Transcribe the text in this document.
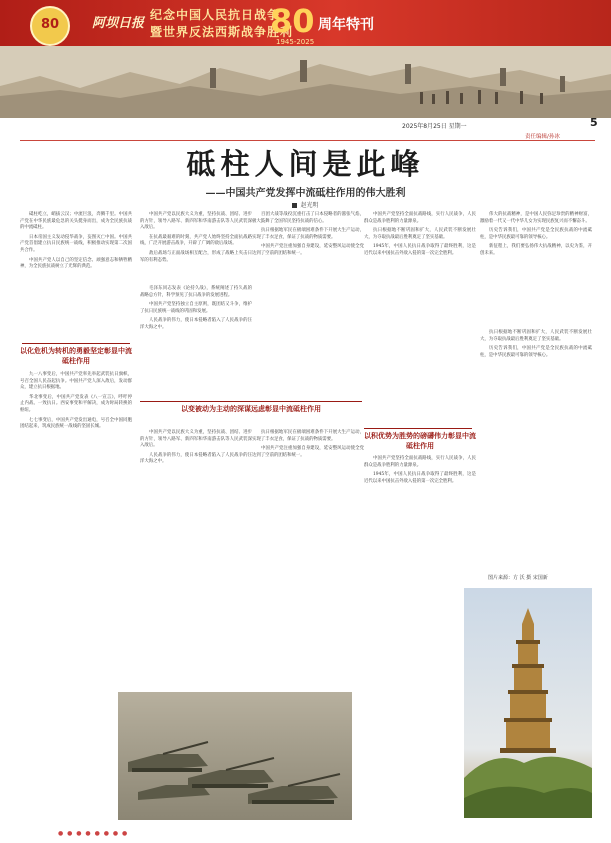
80	阿坝日报
纪念中国人民抗日战争
暨世界反法西斯战争胜利
80
1945-2025
周年特刊
2025年8月25日 星期一	5
责任编辑/孙冰
砥柱人间是此峰
——中国共产党发挥中流砥柱作用的伟大胜利
赵光明

砥柱屹立，峭拔云汉；中流巨浪，奔腾千里。中国共产党在中华民族最危急的关头挺身而出，成为全民族抗战的中流砥柱。

日本帝国主义发动侵华战争，妄图灭亡中国。中国共产党首倡建立抗日民族统一战线，积极推动实现第二次国共合作。

中国共产党人以自己的坚定信念、顽强意志和牺牲精神，为全民族抗战树立了光辉的典范。

以化危机为转机的勇毅坚定彰显中流砥柱作用

九一八事变后，中国共产党率先举起武装抗日旗帜，号召全国人民奋起抗争。中国共产党人深入敌后，发动群众，建立抗日根据地。

华北事变后，中国共产党发表《八一宣言》，呼吁停止内战、一致抗日。西安事变和平解决，成为时局转换的枢纽。

七七事变后，中国共产党发出通电，号召全中国同胞团结起来，筑成民族统一战线的坚固长城。

中国共产党以民族大义为重，坚持抗战、团结、进步的方针，领导八路军、新四军和华南游击队等人民武装深入敌后。

在抗战最艰难的时刻，共产党人始终坚持全面抗战路线，广泛开展游击战争，开辟了广阔的敌后战场。

敌后战场与正面战场相互配合，形成了战略上夹击日军的有利态势。

毛泽东同志发表《论持久战》，系统阐述了持久战的战略总方针，科学预见了抗日战争的发展进程。

中国共产党坚持独立自主原则，既团结又斗争，维护了抗日民族统一战线的巩固和发展。

人民战争的伟力，使日本侵略者陷入了人民战争的汪洋大海之中。

百团大战等战役沉重打击了日本侵略者的嚣张气焰，极大鼓舞了全国军民坚持抗战的信心。

抗日根据地军民在极端困难条件下开展大生产运动，实现了丰衣足食，保证了抗战的物质需要。

中国共产党注重加强自身建设，延安整风运动使全党达到了空前的团结和统一。

以变被动为主动的深谋远虑彰显中流砥柱作用

中国共产党以民族大义为重，坚持抗战、团结、进步的方针，领导八路军、新四军和华南游击队等人民武装深入敌后。

人民战争的伟力，使日本侵略者陷入了人民战争的汪洋大海之中。

抗日根据地军民在极端困难条件下开展大生产运动，实现了丰衣足食，保证了抗战的物质需要。

中国共产党注重加强自身建设，延安整风运动使全党达到了空前的团结和统一。

中国共产党坚持全面抗战路线，实行人民战争，人民群众是战争胜利的力量源泉。

抗日根据地不断巩固和扩大，人民武装不断发展壮大，为夺取抗战最后胜利奠定了坚实基础。

1945年，中国人民抗日战争取得了最终胜利，这是近代以来中国抗击外敌入侵的第一次完全胜利。

以积优势为胜势的磅礴伟力彰显中流砥柱作用

中国共产党坚持全面抗战路线，实行人民战争，人民群众是战争胜利的力量源泉。

1945年，中国人民抗日战争取得了最终胜利，这是近代以来中国抗击外敌入侵的第一次完全胜利。

伟大的抗战精神，是中国人民弥足珍贵的精神财富，激励着一代又一代中华儿女为实现民族复兴而不懈奋斗。

历史告诉我们，中国共产党是全民族抗战的中流砥柱，是中华民族最可靠的领导核心。

新征程上，我们要弘扬伟大抗战精神，以史为鉴，开创未来。

抗日根据地不断巩固和扩大，人民武装不断发展壮大，为夺取抗战最后胜利奠定了坚实基础。

历史告诉我们，中国共产党是全民族抗战的中流砥柱，是中华民族最可靠的领导核心。

图片来源：方 沃 摄 宋国新
● ● ● ● ● ● ● ●
